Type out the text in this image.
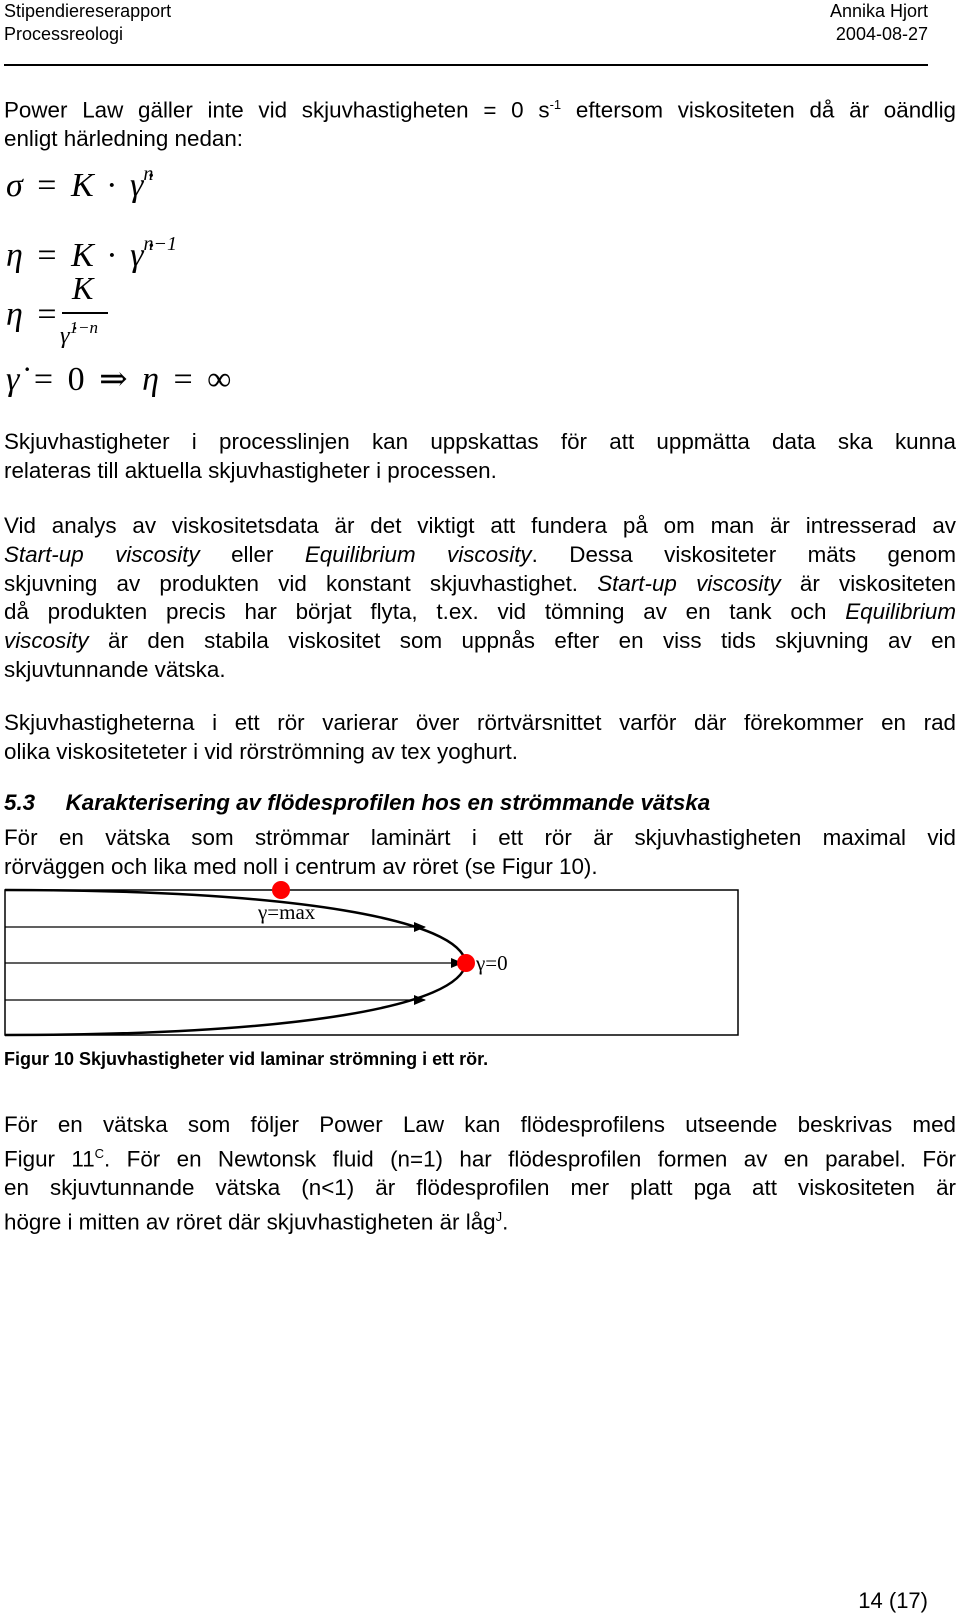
Stipendiereserapport
Processreologi
Annika Hjort
2004-08-27
Power Law gäller inte vid skjuvhastigheten = 0 $s^{-1}$ eftersom viskositeten då är oändlig
enligt härledning nedan:
σ = K · γ̇$^n$
η = K · γ̇$^{n-1}$
η =
K
γ̇$^{1-n}$
γ̇ = 0 ⇒ η = ∞
Skjuvhastigheter i processlinjen kan uppskattas för att uppmätta data ska kunna
relateras till aktuella skjuvhastigheter i processen.
Vid analys av viskositetsdata är det viktigt att fundera på om man är intresserad av
Start-up viscosity eller Equilibrium viscosity. Dessa viskositeter mäts genom
skjuvning av produkten vid konstant skjuvhastighet. Start-up viscosity är viskositeten
då produkten precis har börjat flyta, t.ex. vid tömning av en tank och Equilibrium
viscosity är den stabila viskositet som uppnås efter en viss tids skjuvning av en
skjuvtunnande vätska.
Skjuvhastigheterna i ett rör varierar över rörtvärsnittet varför där förekommer en rad
olika viskositeteter i vid rörströmning av tex yoghurt.
5.3 Karakterisering av flödesprofilen hos en strömmande vätska
För en vätska som strömmar laminärt i ett rör är skjuvhastigheten maximal vid
rörväggen och lika med noll i centrum av röret (se Figur 10).
γ=max
γ=0
Figur 10 Skjuvhastigheter vid laminar strömning i ett rör.
För en vätska som följer Power Law kan flödesprofilens utseende beskrivas med
Figur $11^C$. För en Newtonsk fluid (n=1) har flödesprofilen formen av en parabel. För
en skjuvtunnande vätska (n<1) är flödesprofilen mer platt pga att viskositeten är
högre i mitten av röret där skjuvhastigheten är låg$^J$.
14 (17)
